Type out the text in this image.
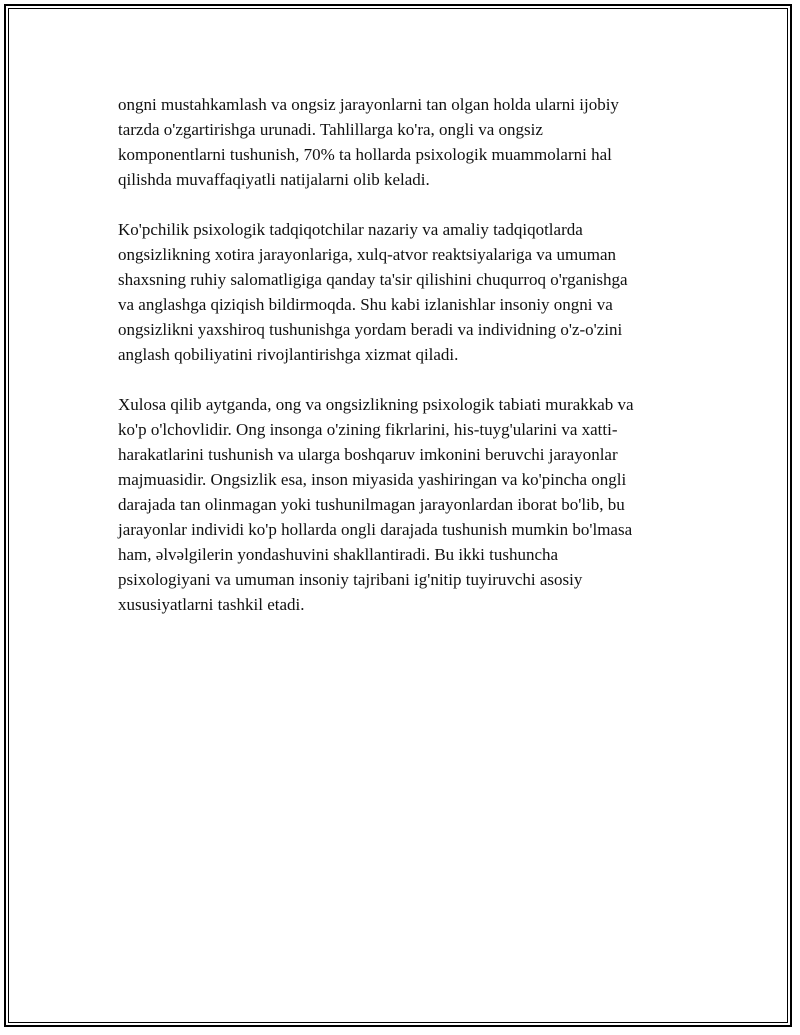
ongni mustahkamlash va ongsiz jarayonlarni tan olgan holda ularni ijobiy
tarzda o'zgartirishga urunadi. Tahlillarga ko'ra, ongli va ongsiz
komponentlarni tushunish, 70% ta hollarda psixologik muammolarni hal
qilishda muvaffaqiyatli natijalarni olib keladi.

Ko'pchilik psixologik tadqiqotchilar nazariy va amaliy tadqiqotlarda
ongsizlikning xotira jarayonlariga, xulq-atvor reaktsiyalariga va umuman
shaxsning ruhiy salomatligiga qanday ta'sir qilishini chuqurroq o'rganishga
va anglashga qiziqish bildirmoqda. Shu kabi izlanishlar insoniy ongni va
ongsizlikni yaxshiroq tushunishga yordam beradi va individning o'z-o'zini
anglash qobiliyatini rivojlantirishga xizmat qiladi.

Xulosa qilib aytganda, ong va ongsizlikning psixologik tabiati murakkab va
ko'p o'lchovlidir. Ong insonga o'zining fikrlarini, his-tuyg'ularini va xatti-
harakatlarini tushunish va ularga boshqaruv imkonini beruvchi jarayonlar
majmuasidir. Ongsizlik esa, inson miyasida yashiringan va ko'pincha ongli
darajada tan olinmagan yoki tushunilmagan jarayonlardan iborat bo'lib, bu
jarayonlar individi ko'p hollarda ongli darajada tushunish mumkin bo'lmasa
ham, əlvəlgilerin yondashuvini shakllantiradi. Bu ikki tushuncha
psixologiyani va umuman insoniy tajribani ig'nitip tuyiruvchi asosiy
xususiyatlarni tashkil etadi.
